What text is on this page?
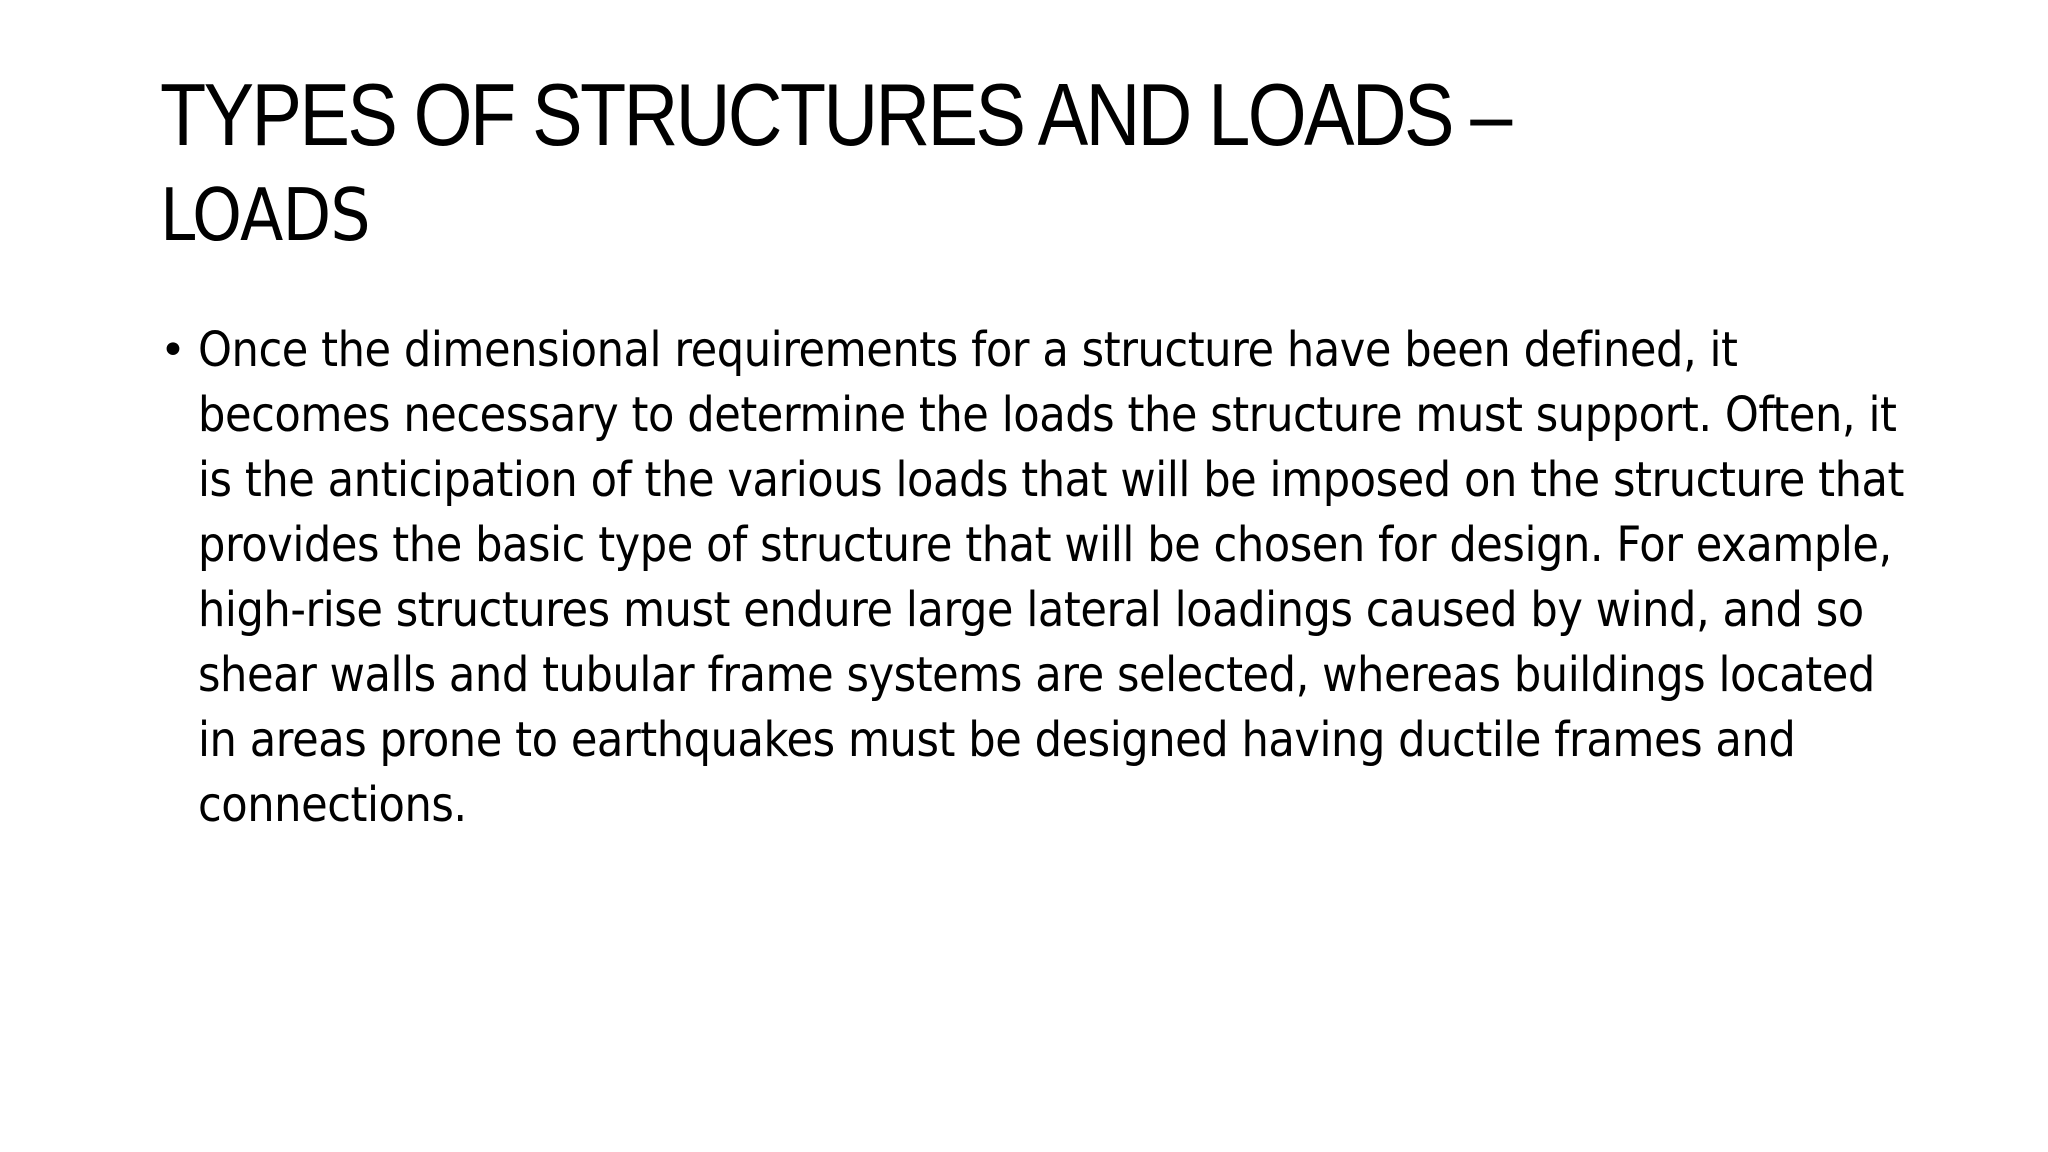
TYPES OF STRUCTURES AND LOADS –
LOADS
• Once the dimensional requirements for a structure have been defined, it becomes necessary to determine the loads the structure must support. Often, it is the anticipation of the various loads that will be imposed on the structure that provides the basic type of structure that will be chosen for design. For example, high-rise structures must endure large lateral loadings caused by wind, and so shear walls and tubular frame systems are selected, whereas buildings located in areas prone to earthquakes must be designed having ductile frames and connections.
